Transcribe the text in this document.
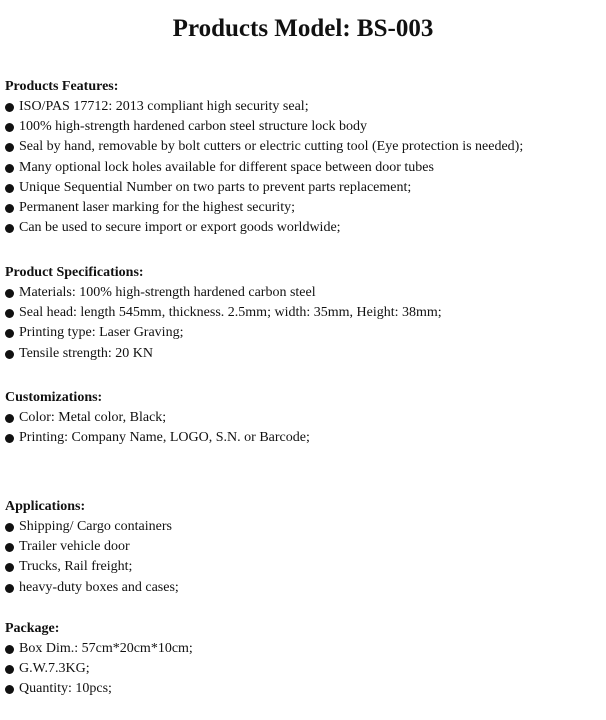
Products Model: BS-003
Products Features:
ISO/PAS 17712: 2013 compliant high security seal;
100% high-strength hardened carbon steel structure lock body
Seal by hand, removable by bolt cutters or electric cutting tool (Eye protection is needed);
Many optional lock holes available for different space between door tubes
Unique Sequential Number on two parts to prevent parts replacement;
Permanent laser marking for the highest security;
Can be used to secure import or export goods worldwide;
Product Specifications:
Materials: 100% high-strength hardened carbon steel
Seal head: length 545mm, thickness. 2.5mm; width: 35mm, Height: 38mm;
Printing type: Laser Graving;
Tensile strength: 20 KN
Customizations:
Color: Metal color, Black;
Printing: Company Name, LOGO, S.N. or Barcode;
Applications:
Shipping/ Cargo containers
Trailer vehicle door
Trucks, Rail freight;
heavy-duty boxes and cases;
Package:
Box Dim.: 57cm*20cm*10cm;
G.W.7.3KG;
Quantity: 10pcs;
